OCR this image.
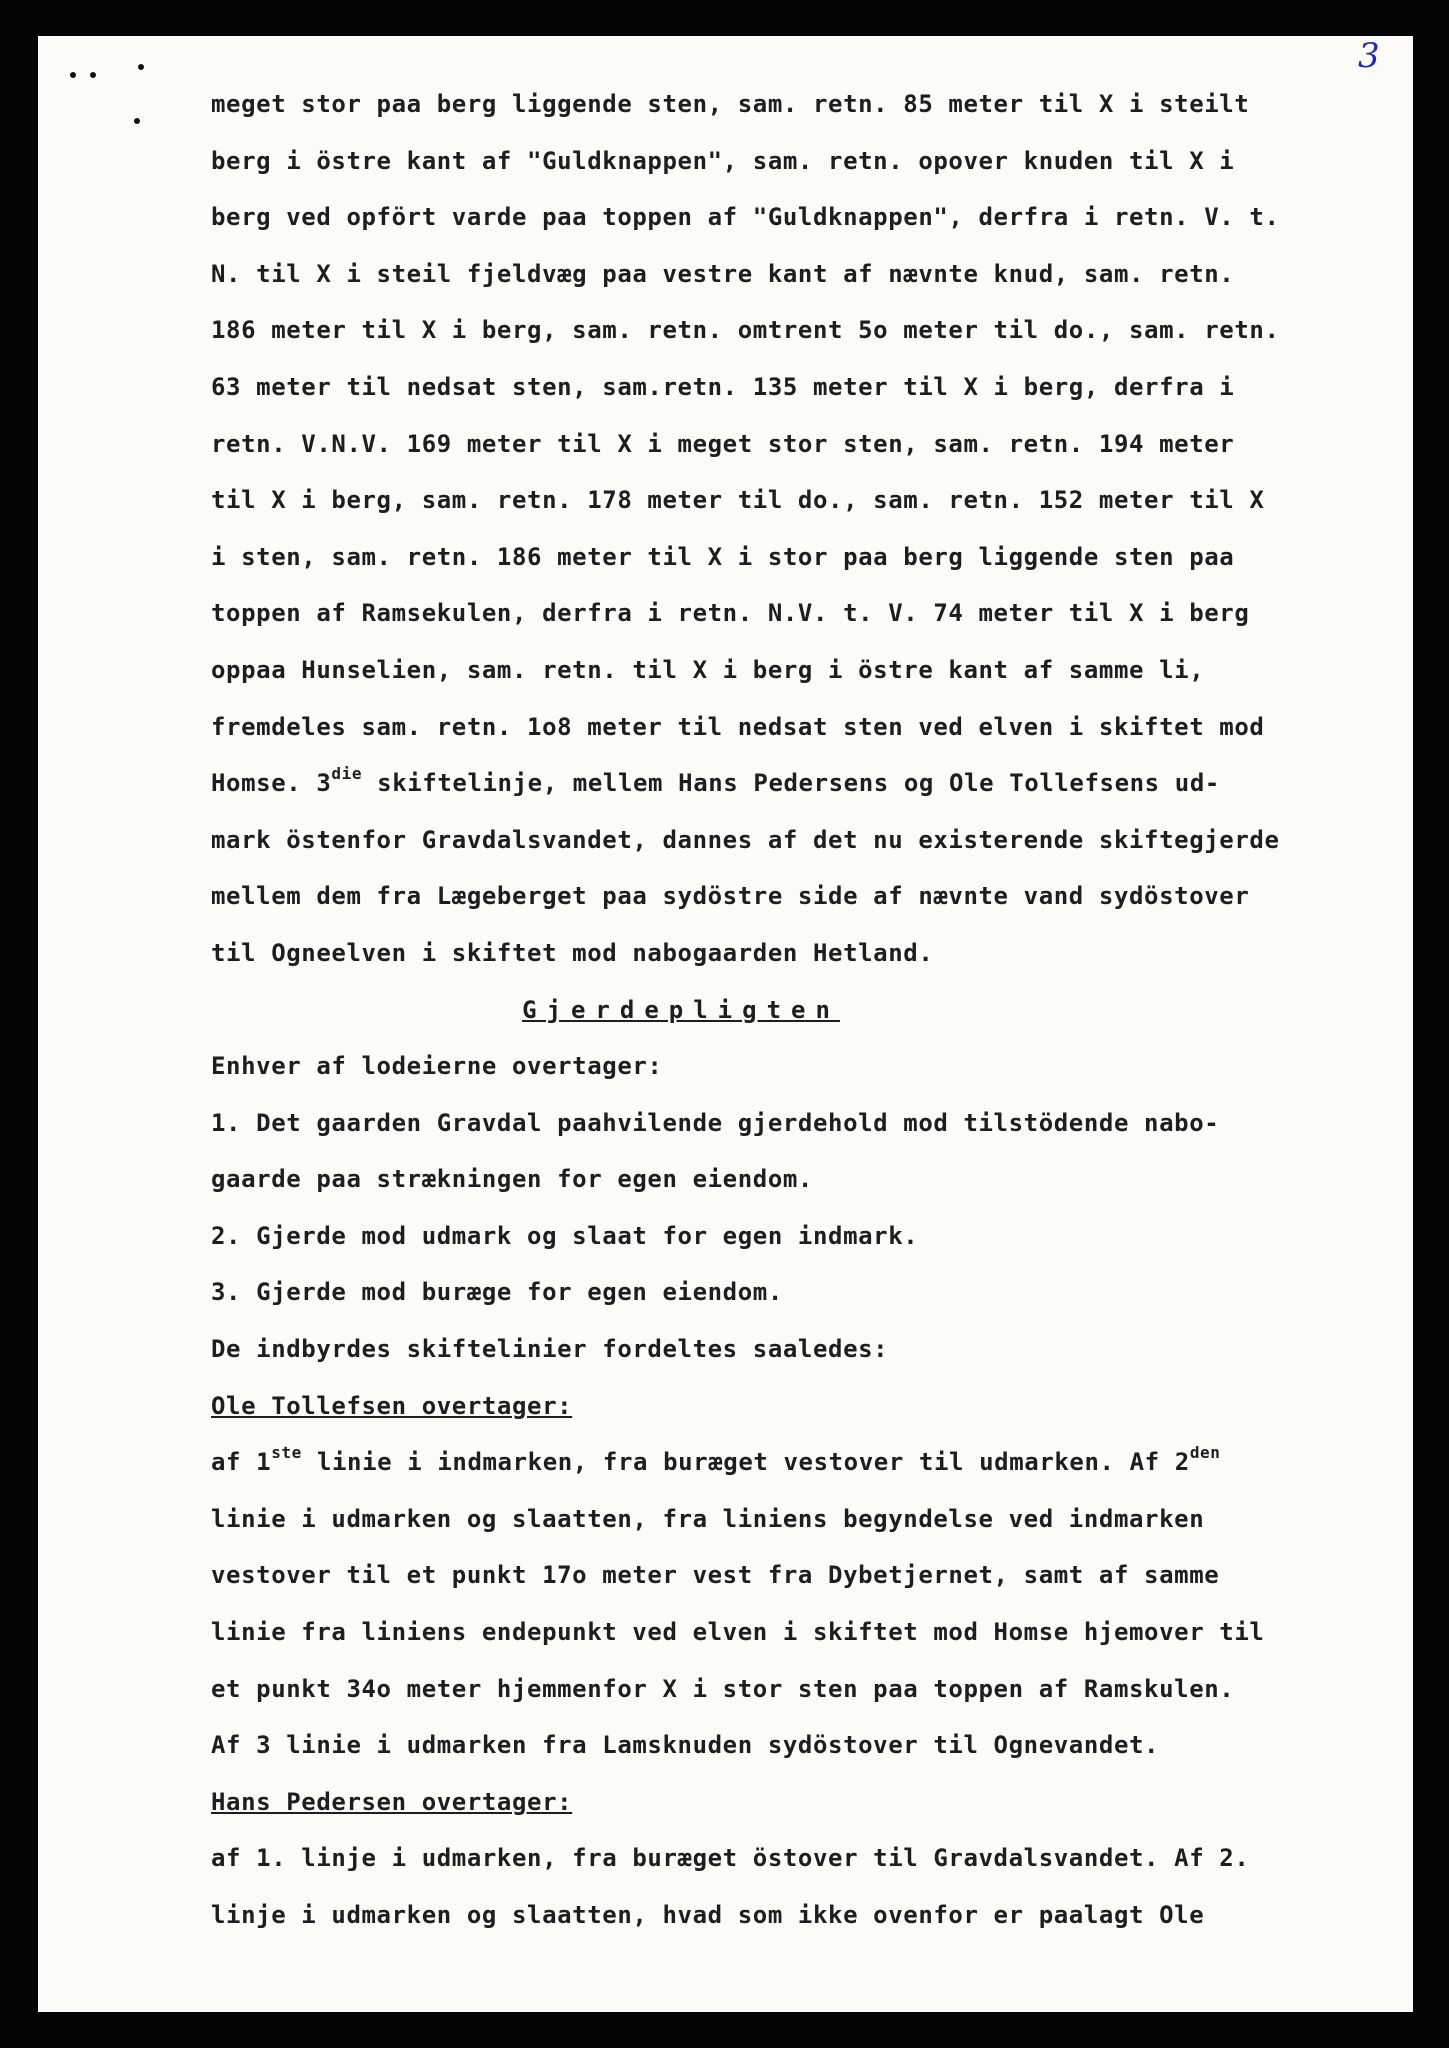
3
meget stor paa berg liggende sten, sam. retn. 85 meter til X i steilt
berg i östre kant af "Guldknappen", sam. retn. opover knuden til X i
berg ved opfört varde paa toppen af "Guldknappen", derfra i retn. V. t.
N. til X i steil fjeldvæg paa vestre kant af nævnte knud, sam. retn.
186 meter til X i berg, sam. retn. omtrent 5o meter til do., sam. retn.
63 meter til nedsat sten, sam.retn. 135 meter til X i berg, derfra i
retn. V.N.V. 169 meter til X i meget stor sten, sam. retn. 194 meter
til X i berg, sam. retn. 178 meter til do., sam. retn. 152 meter til X
i sten, sam. retn. 186 meter til X i stor paa berg liggende sten paa
toppen af Ramsekulen, derfra i retn. N.V. t. V. 74 meter til X i berg
oppaa Hunselien, sam. retn. til X i berg i östre kant af samme li,
fremdeles sam. retn. 1o8 meter til nedsat sten ved elven i skiftet mod
Homse. $3^{die}$ skiftelinje, mellem Hans Pedersens og Ole Tollefsens ud-
mark östenfor Gravdalsvandet, dannes af det nu existerende skiftegjerde
mellem dem fra Lægeberget paa sydöstre side af nævnte vand sydöstover
til Ogneelven i skiftet mod nabogaarden Hetland.
Gjerdepligten
Enhver af lodeierne overtager:
1. Det gaarden Gravdal paahvilende gjerdehold mod tilstödende nabo-
gaarde paa strækningen for egen eiendom.
2. Gjerde mod udmark og slaat for egen indmark.
3. Gjerde mod buræge for egen eiendom.
De indbyrdes skiftelinier fordeltes saaledes:
Ole Tollefsen overtager:
af 1ste linie i indmarken, fra buræget vestover til udmarken. Af $2^{den}$
linie i udmarken og slaatten, fra liniens begyndelse ved indmarken
vestover til et punkt 17o meter vest fra Dybetjernet, samt af samme
linie fra liniens endepunkt ved elven i skiftet mod Homse hjemover til
et punkt 34o meter hjemmenfor X i stor sten paa toppen af Ramskulen.
Af 3 linie i udmarken fra Lamsknuden sydöstover til Ognevandet.
Hans Pedersen overtager:
af 1. linje i udmarken, fra buræget östover til Gravdalsvandet. Af 2.
linje i udmarken og slaatten, hvad som ikke ovenfor er paalagt Ole
